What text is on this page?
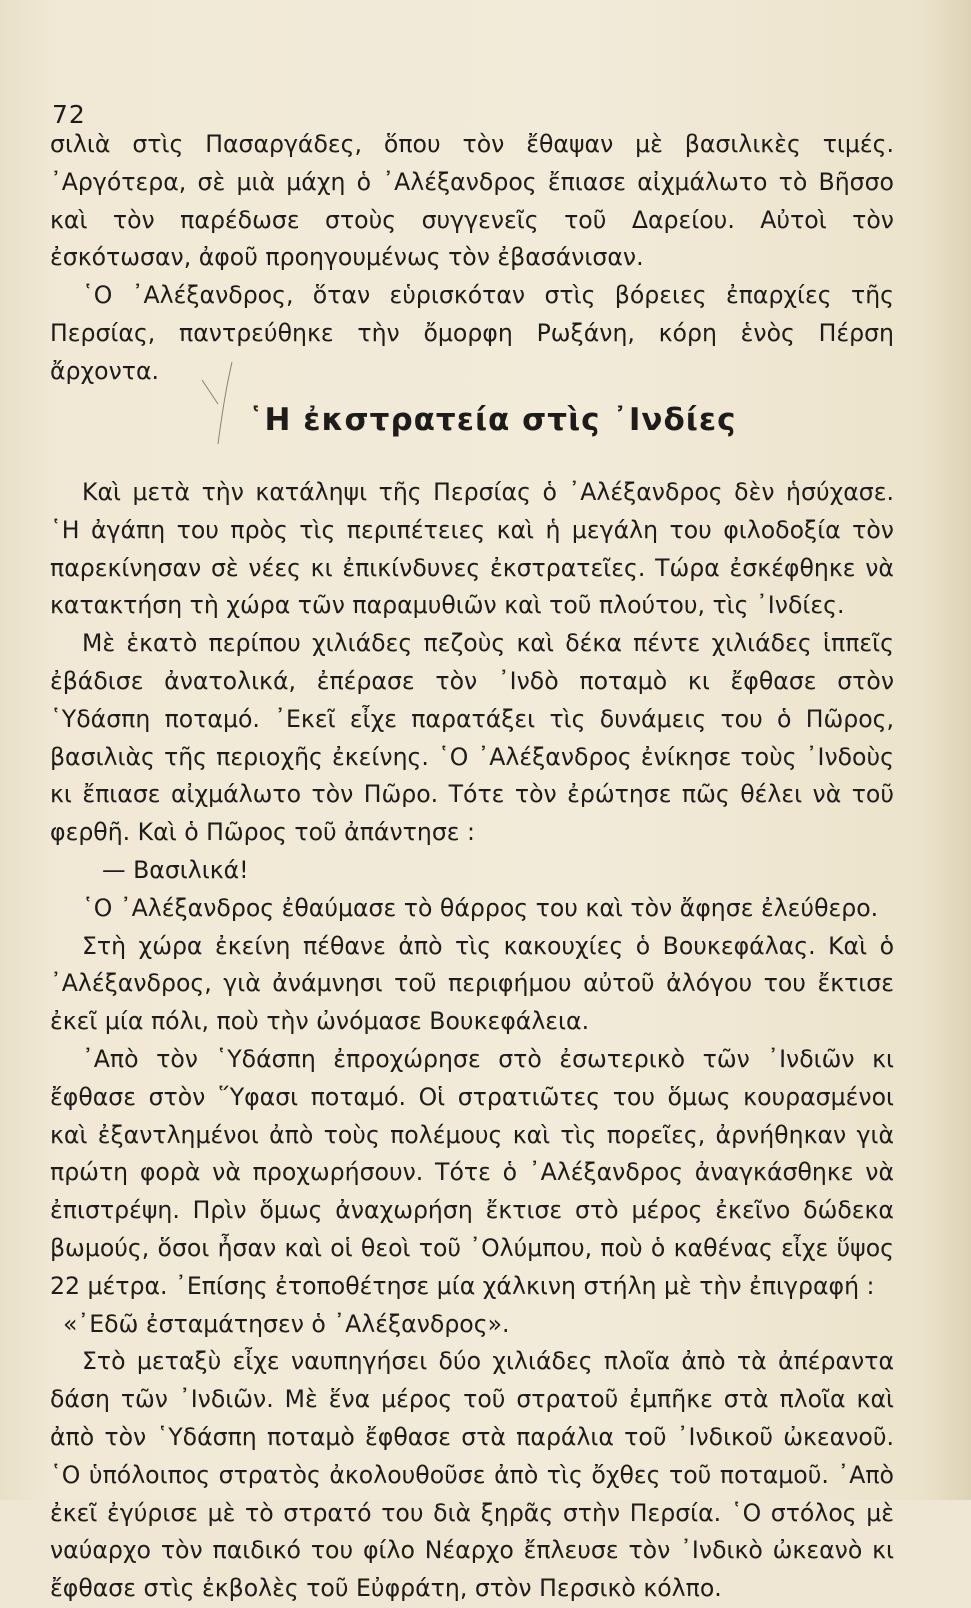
72

σιλιὰ στὶς Πασαργάδες, ὅπου τὸν ἔθαψαν μὲ βασιλικὲς τιμές. ᾿Αργότερα, σὲ μιὰ μάχη ὁ ᾿Αλέξανδρος ἔπιασε αἰχμάλωτο τὸ Βῆσσο καὶ τὸν παρέδωσε στοὺς συγγενεῖς τοῦ Δαρείου. Αὐτοὶ τὸν ἐσκότωσαν, ἀφοῦ προηγουμένως τὸν ἐβασάνισαν.

῾Ο ᾿Αλέξανδρος, ὅταν εὑρισκόταν στὶς βόρειες ἐπαρχίες τῆς Περσίας, παντρεύθηκε τὴν ὄμορφη Ρωξάνη, κόρη ἑνὸς Πέρση ἄρχοντα.

῾Η ἐκστρατεία στὶς ᾿Ινδίες

Καὶ μετὰ τὴν κατάληψι τῆς Περσίας ὁ ᾿Αλέξανδρος δὲν ἡσύχασε. ῾Η ἀγάπη του πρὸς τὶς περιπέτειες καὶ ἡ μεγάλη του φιλοδοξία τὸν παρεκίνησαν σὲ νέες κι ἐπικίνδυνες ἐκστρατεῖες. Τώρα ἐσκέφθηκε νὰ κατακτήση τὴ χώρα τῶν παραμυθιῶν καὶ τοῦ πλούτου, τὶς ᾿Ινδίες.

Μὲ ἑκατὸ περίπου χιλιάδες πεζοὺς καὶ δέκα πέντε χιλιάδες ἱππεῖς ἐβάδισε ἀνατολικά, ἐπέρασε τὸν ᾿Ινδὸ ποταμὸ κι ἔφθασε στὸν ῾Υδάσπη ποταμό. ᾿Εκεῖ εἶχε παρατάξει τὶς δυνάμεις του ὁ Πῶρος, βασιλιὰς τῆς περιοχῆς ἐκείνης. ῾Ο ᾿Αλέξανδρος ἐνίκησε τοὺς ᾿Ινδοὺς κι ἔπιασε αἰχμάλωτο τὸν Πῶρο. Τότε τὸν ἐρώτησε πῶς θέλει νὰ τοῦ φερθῆ. Καὶ ὁ Πῶρος τοῦ ἀπάντησε :

— Βασιλικά!

῾Ο ᾿Αλέξανδρος ἐθαύμασε τὸ θάρρος του καὶ τὸν ἄφησε ἐλεύθερο.

Στὴ χώρα ἐκείνη πέθανε ἀπὸ τὶς κακουχίες ὁ Βουκεφάλας. Καὶ ὁ ᾿Αλέξανδρος, γιὰ ἀνάμνησι τοῦ περιφήμου αὐτοῦ ἀλόγου του ἔκτισε ἐκεῖ μία πόλι, ποὺ τὴν ὠνόμασε Βουκεφάλεια.

᾿Απὸ τὸν ῾Υδάσπη ἐπροχώρησε στὸ ἐσωτερικὸ τῶν ᾿Ινδιῶν κι ἔφθασε στὸν ῞Υφασι ποταμό. Οἱ στρατιῶτες του ὅμως κουρασμένοι καὶ ἐξαντλημένοι ἀπὸ τοὺς πολέμους καὶ τὶς πορεῖες, ἀρνήθηκαν γιὰ πρώτη φορὰ νὰ προχωρήσουν. Τότε ὁ ᾿Αλέξανδρος ἀναγκάσθηκε νὰ ἐπιστρέψη. Πρὶν ὅμως ἀναχωρήση ἔκτισε στὸ μέρος ἐκεῖνο δώδεκα βωμούς, ὅσοι ἦσαν καὶ οἱ θεοὶ τοῦ ᾿Ολύμπου, ποὺ ὁ καθένας εἶχε ὕψος 22 μέτρα. ᾿Επίσης ἐτοποθέτησε μία χάλκινη στήλη μὲ τὴν ἐπιγραφή :

«᾿Εδῶ ἐσταμάτησεν ὁ ᾿Αλέξανδρος».

Στὸ μεταξὺ εἶχε ναυπηγήσει δύο χιλιάδες πλοῖα ἀπὸ τὰ ἀπέραντα δάση τῶν ᾿Ινδιῶν. Μὲ ἕνα μέρος τοῦ στρατοῦ ἐμπῆκε στὰ πλοῖα καὶ ἀπὸ τὸν ῾Υδάσπη ποταμὸ ἔφθασε στὰ παράλια τοῦ ᾿Ινδικοῦ ὠκεανοῦ. ῾Ο ὑπόλοιπος στρατὸς ἀκολουθοῦσε ἀπὸ τὶς ὄχθες τοῦ ποταμοῦ. ᾿Απὸ ἐκεῖ ἐγύρισε μὲ τὸ στρατό του διὰ ξηρᾶς στὴν Περσία. ῾Ο στόλος μὲ ναύαρχο τὸν παιδικό του φίλο Νέαρχο ἔπλευσε τὸν ᾿Ινδικὸ ὠκεανὸ κι ἔφθασε στὶς ἐκβολὲς τοῦ Εὐφράτη, στὸν Περσικὸ κόλπο.
